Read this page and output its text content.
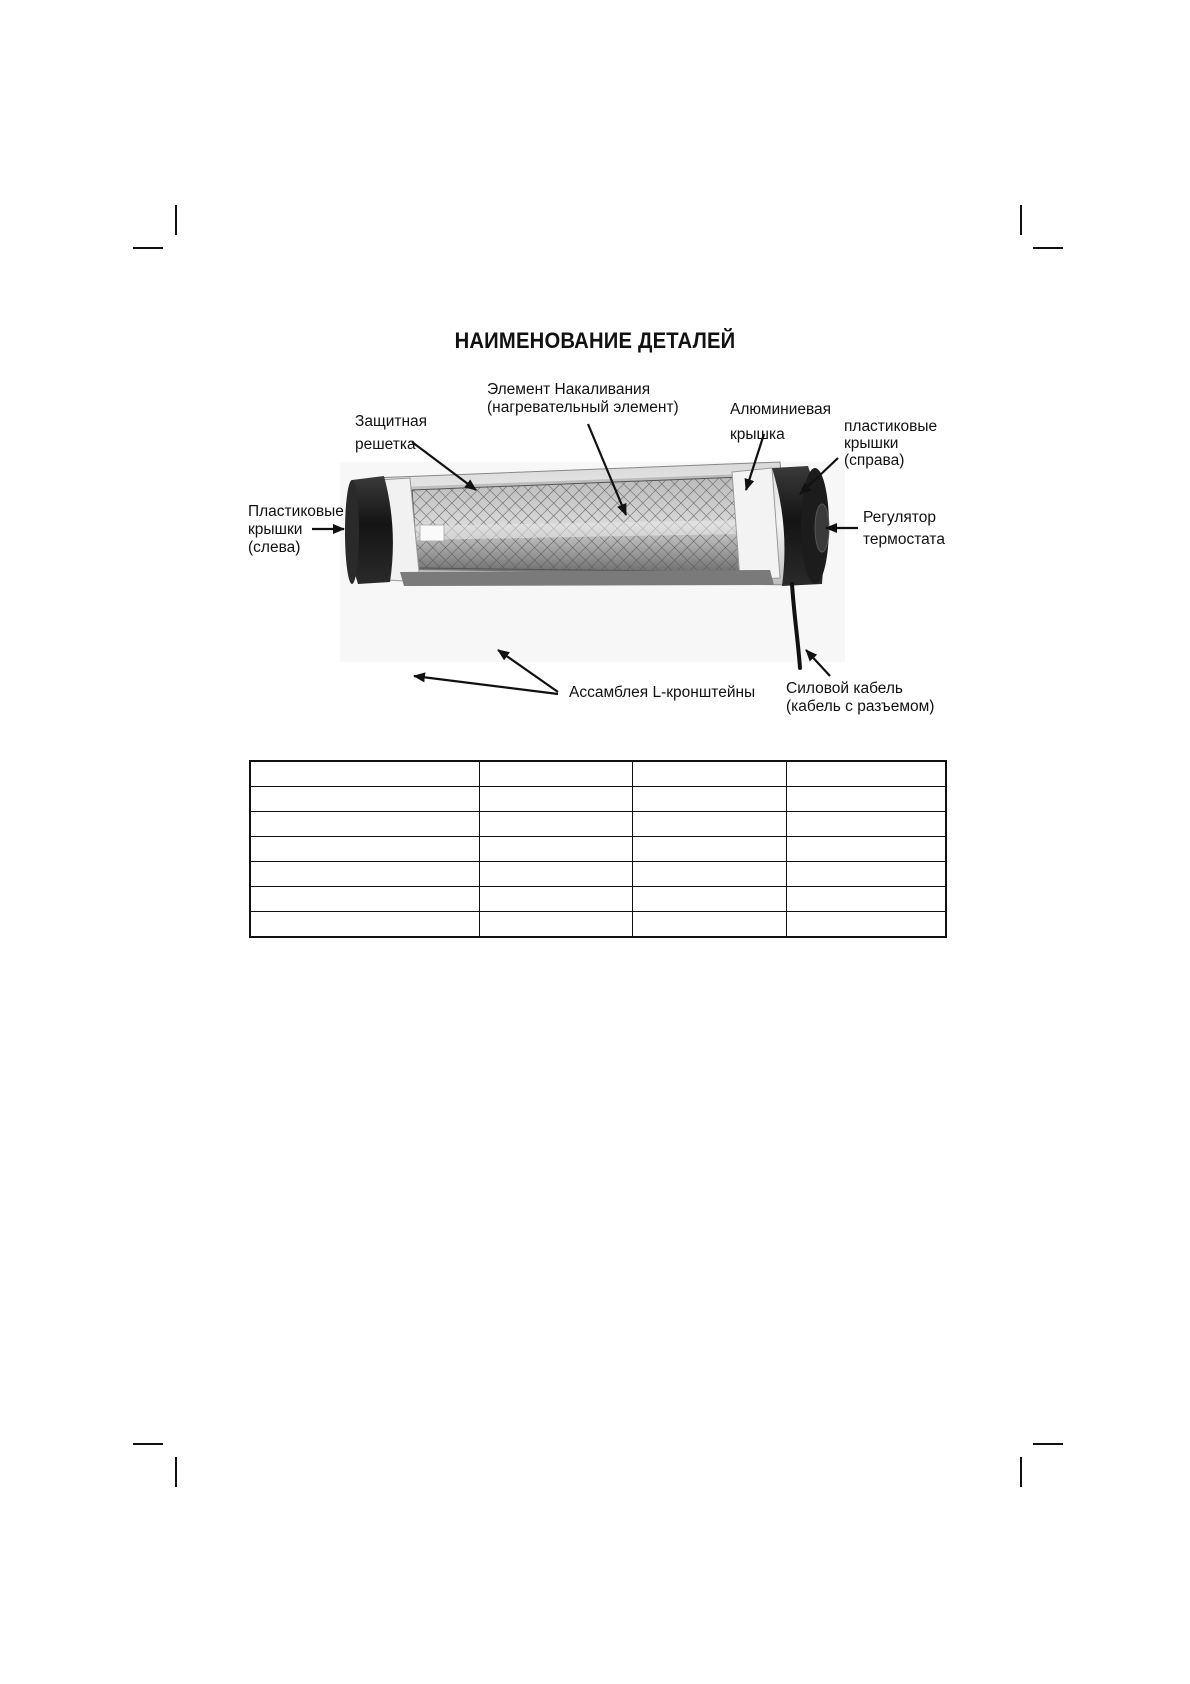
НАИМЕНОВАНИЕ ДЕТАЛЕЙ
Элемент Накаливания
(нагревательный элемент)
Защитная
решетка
Алюминиевая
крышка	пластиковые
крышки
(справа)
Пластиковые
крышки
(слева)
Регулятор
термостата
Ассамблея L-кронштейны Силовой кабель
(кабель с разъемом)
